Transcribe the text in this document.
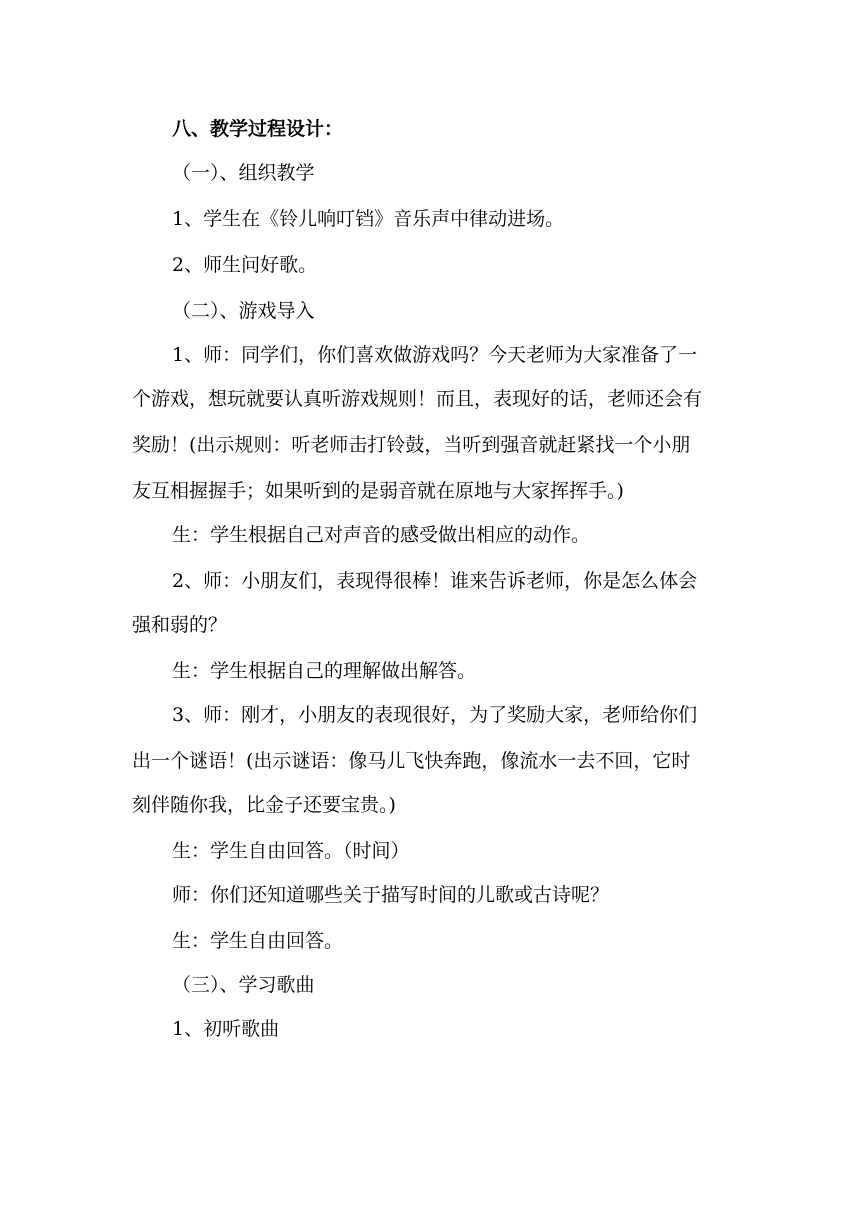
八、教学过程设计：
（一）、组织教学
1、学生在《铃儿响叮铛》音乐声中律动进场。
2、师生问好歌。
（二）、游戏导入
1、师：同学们，你们喜欢做游戏吗？今天老师为大家准备了一
个游戏，想玩就要认真听游戏规则！而且，表现好的话，老师还会有
奖励！(出示规则：听老师击打铃鼓，当听到强音就赶紧找一个小朋
友互相握握手；如果听到的是弱音就在原地与大家挥挥手。)
生：学生根据自己对声音的感受做出相应的动作。
2、师：小朋友们，表现得很棒！谁来告诉老师，你是怎么体会
强和弱的？
生：学生根据自己的理解做出解答。
3、师：刚才，小朋友的表现很好，为了奖励大家，老师给你们
出一个谜语！(出示谜语：像马儿飞快奔跑，像流水一去不回，它时
刻伴随你我，比金子还要宝贵。)
生：学生自由回答。（时间）
师：你们还知道哪些关于描写时间的儿歌或古诗呢？
生：学生自由回答。
（三）、学习歌曲
1、初听歌曲
